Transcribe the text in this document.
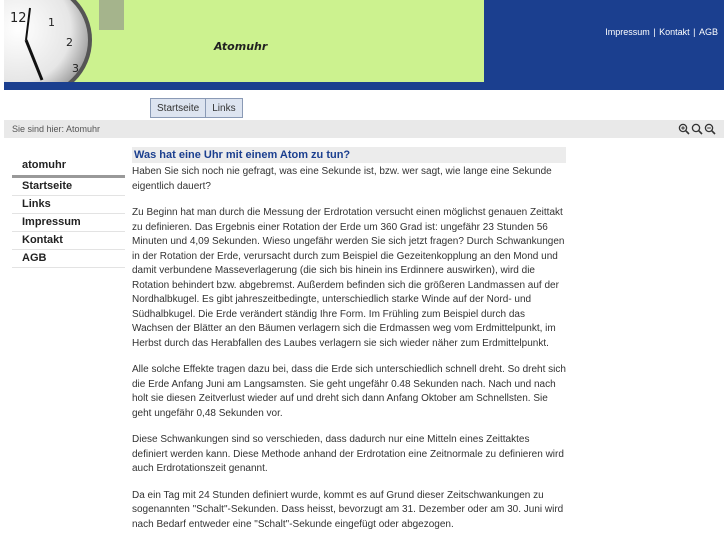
12 1
2
3
Atomuhr
Impressum | Kontakt | AGB
Startseite	Links
Sie sind hier: Atomuhr
atomuhr
Startseite
Links
Impressum
Kontakt
AGB
Was hat eine Uhr mit einem Atom zu tun?

Haben Sie sich noch nie gefragt, was eine Sekunde ist, bzw. wer sagt, wie lange eine Sekunde eigentlich dauert?

Zu Beginn hat man durch die Messung der Erdrotation versucht einen möglichst genauen Zeittakt zu definieren. Das Ergebnis einer Rotation der Erde um 360 Grad ist: ungefähr 23 Stunden 56 Minuten und 4,09 Sekunden. Wieso ungefähr werden Sie sich jetzt fragen? Durch Schwankungen in der Rotation der Erde, verursacht durch zum Beispiel die Gezeitenkopplung an den Mond und damit verbundene Masseverlagerung (die sich bis hinein ins Erdinnere auswirken), wird die Rotation behindert bzw. abgebremst. Außerdem befinden sich die größeren Landmassen auf der Nordhalbkugel. Es gibt jahreszeitbedingte, unterschiedlich starke Winde auf der Nord- und Südhalbkugel. Die Erde verändert ständig Ihre Form. Im Frühling zum Beispiel durch das Wachsen der Blätter an den Bäumen verlagern sich die Erdmassen weg vom Erdmittelpunkt, im Herbst durch das Herabfallen des Laubes verlagern sie sich wieder näher zum Erdmittelpunkt.

Alle solche Effekte tragen dazu bei, dass die Erde sich unterschiedlich schnell dreht. So dreht sich die Erde Anfang Juni am Langsamsten. Sie geht ungefähr 0.48 Sekunden nach. Nach und nach holt sie diesen Zeitverlust wieder auf und dreht sich dann Anfang Oktober am Schnellsten. Sie geht ungefähr 0,48 Sekunden vor.

Diese Schwankungen sind so verschieden, dass dadurch nur eine Mitteln eines Zeittaktes definiert werden kann. Diese Methode anhand der Erdrotation eine Zeitnormale zu definieren wird auch Erdrotationszeit genannt.

Da ein Tag mit 24 Stunden definiert wurde, kommt es auf Grund dieser Zeitschwankungen zu sogenannten "Schalt"-Sekunden. Dass heisst, bevorzugt am 31. Dezember oder am 30. Juni wird nach Bedarf entweder eine "Schalt"-Sekunde eingefügt oder abgezogen.
